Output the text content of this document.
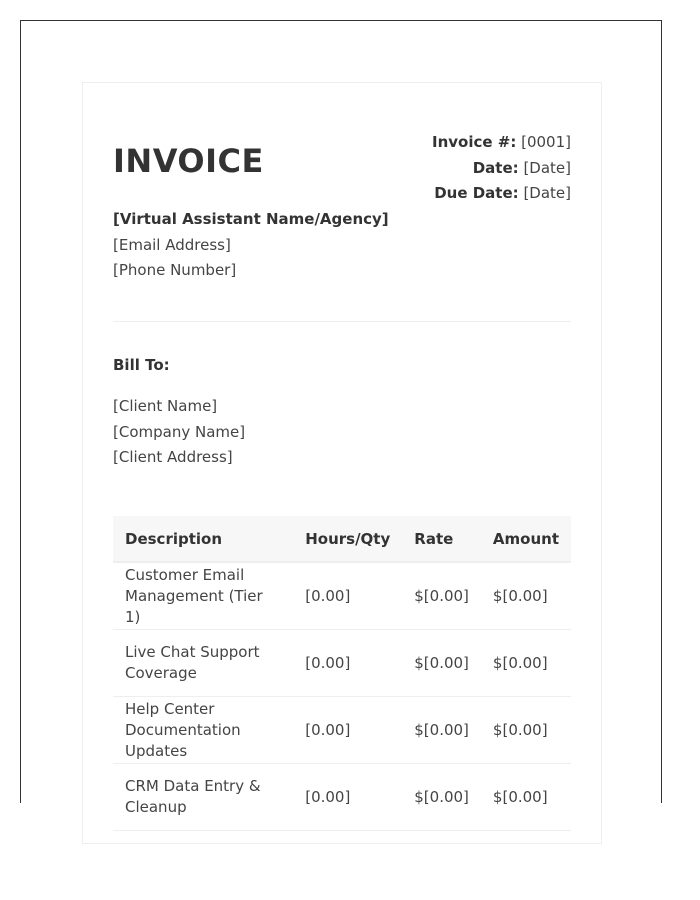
INVOICE	Invoice #: [0001]
Date: [Date]
Due Date: [Date]
[Virtual Assistant Name/Agency]
[Email Address]
[Phone Number]
Bill To:
[Client Name]
[Company Name]
[Client Address]
Description	Hours/Qty	Rate	Amount
Customer Email Management (Tier 1)	[0.00]	$[0.00]	$[0.00]
Live Chat Support Coverage	[0.00]	$[0.00]	$[0.00]
Help Center Documentation Updates	[0.00]	$[0.00]	$[0.00]
CRM Data Entry & Cleanup	[0.00]	$[0.00]	$[0.00]
